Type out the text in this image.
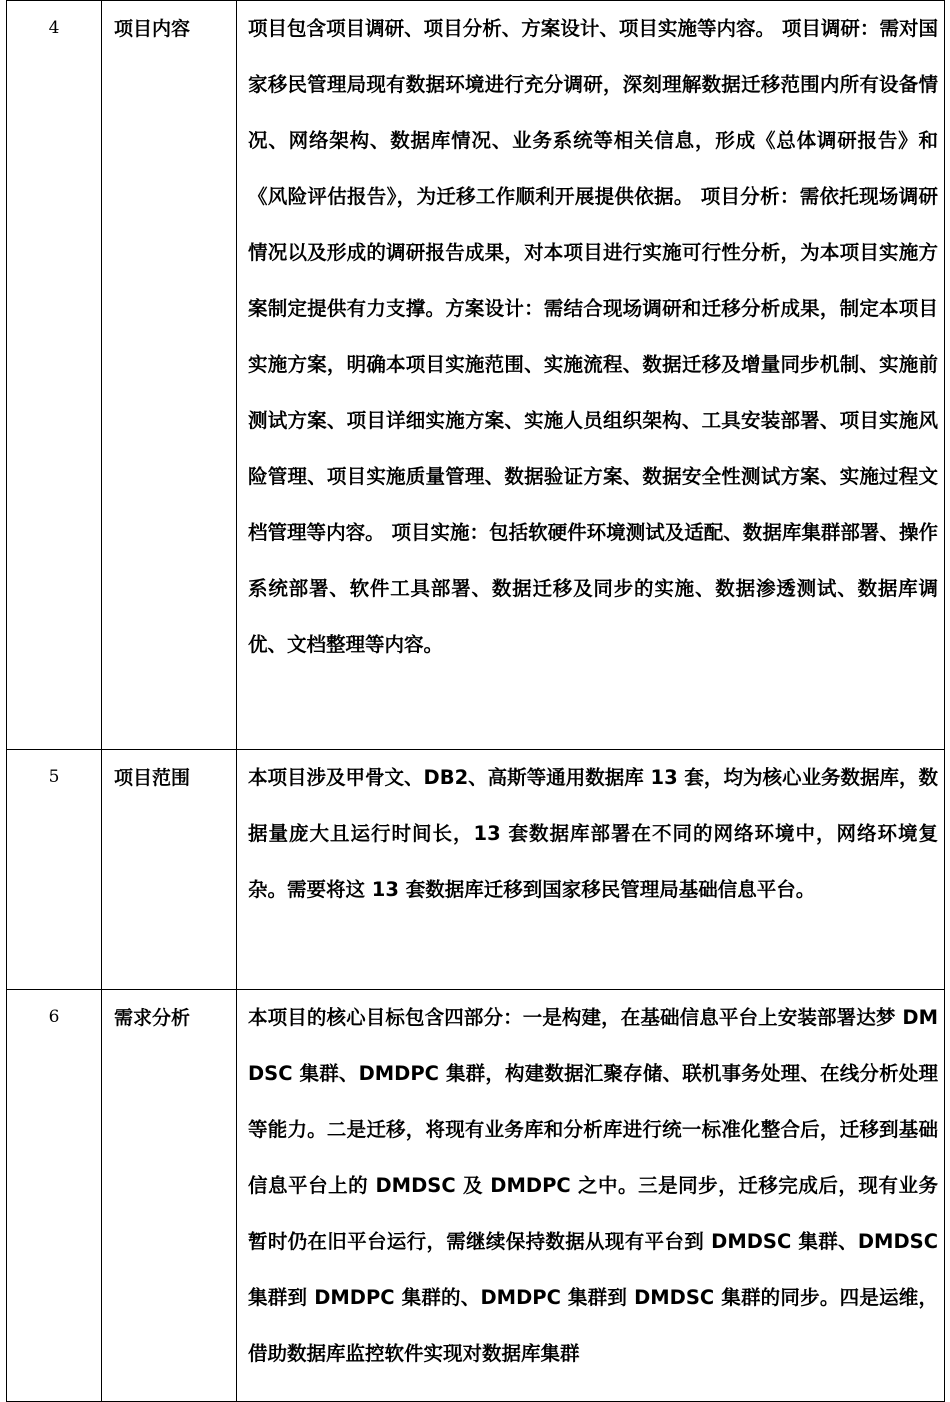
4	项目内容	项目包含项目调研、项目分析、方案设计、项目实施等内容。 项目调研：需对国家移民管理局现有数据环境进行充分调研，深刻理解数据迁移范围内所有设备情况、网络架构、数据库情况、业务系统等相关信息，形成《总体调研报告》和《风险评估报告》，为迁移工作顺利开展提供依据。 项目分析：需依托现场调研情况以及形成的调研报告成果，对本项目进行实施可行性分析，为本项目实施方案制定提供有力支撑。方案设计：需结合现场调研和迁移分析成果，制定本项目实施方案，明确本项目实施范围、实施流程、数据迁移及增量同步机制、实施前测试方案、项目详细实施方案、实施人员组织架构、工具安装部署、项目实施风险管理、项目实施质量管理、数据验证方案、数据安全性测试方案、实施过程文档管理等内容。 项目实施：包括软硬件环境测试及适配、数据库集群部署、操作系统部署、软件工具部署、数据迁移及同步的实施、数据渗透测试、数据库调优、文档整理等内容。
5	项目范围	本项目涉及甲骨文、DB2、高斯等通用数据库 13 套，均为核心业务数据库，数据量庞大且运行时间长，13 套数据库部署在不同的网络环境中，网络环境复杂。需要将这 13 套数据库迁移到国家移民管理局基础信息平台。
6	需求分析	本项目的核心目标包含四部分：一是构建，在基础信息平台上安装部署达梦 DMDSC 集群、DMDPC 集群，构建数据汇聚存储、联机事务处理、在线分析处理等能力。二是迁移，将现有业务库和分析库进行统一标准化整合后，迁移到基础信息平台上的 DMDSC 及 DMDPC 之中。三是同步，迁移完成后，现有业务暂时仍在旧平台运行，需继续保持数据从现有平台到 DMDSC 集群、DMDSC 集群到 DMDPC 集群的、DMDPC 集群到 DMDSC 集群的同步。四是运维，借助数据库监控软件实现对数据库集群
